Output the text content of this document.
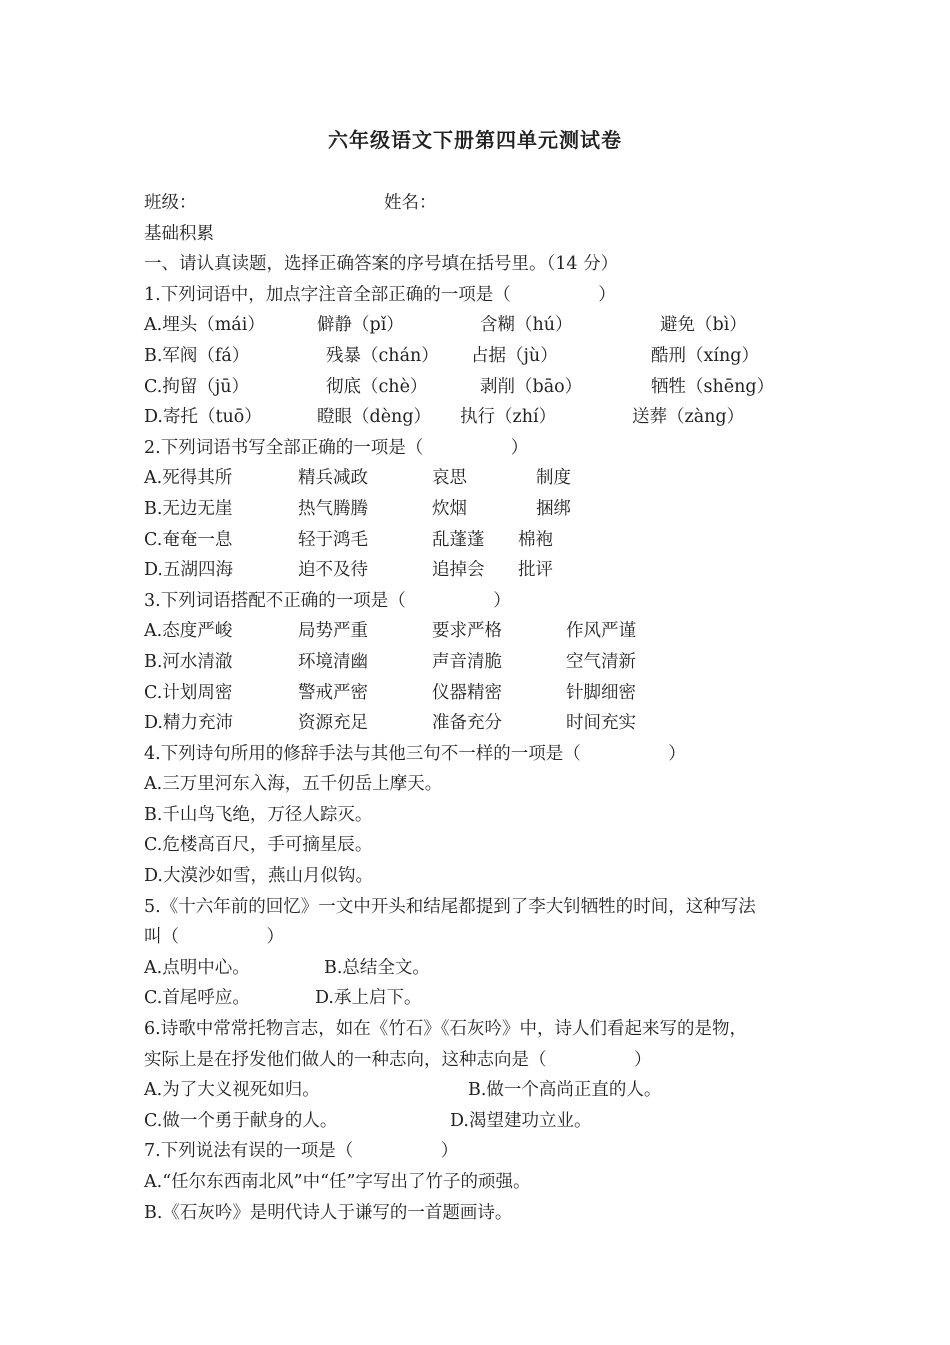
六年级语文下册第四单元测试卷
班级：	姓名：
基础积累
一、请认真读题，选择正确答案的序号填在括号里。（14 分）
1.下列词语中，加点字注音全部正确的一项是（　　　　　）
A.埋头（mái）	僻静（pǐ）	含糊（hú）	避免（bì）
B.军阀（fá）	残暴（chán） 占据（jù）	酷刑（xíng）
C.拘留（jū）	彻底（chè）	剥削（bāo）	牺牲（shēng）
D.寄托（tuō）	瞪眼（dèng） 执行（zhí）	送葬（zàng）
2.下列词语书写全部正确的一项是（　　　　　）
A.死得其所	精兵减政	哀思	制度
B.无边无崖	热气腾腾	炊烟	捆绑
C.奄奄一息	轻于鸿毛	乱蓬蓬 棉袍
D.五湖四海	迫不及待	追掉会 批评
3.下列词语搭配不正确的一项是（　　　　　）
A.态度严峻	局势严重	要求严格	作风严谨
B.河水清澈	环境清幽	声音清脆	空气清新
C.计划周密	警戒严密	仪器精密	针脚细密
D.精力充沛	资源充足	准备充分	时间充实
4.下列诗句所用的修辞手法与其他三句不一样的一项是（　　　　　）
A.三万里河东入海，五千仞岳上摩天。
B.千山鸟飞绝，万径人踪灭。
C.危楼高百尺，手可摘星辰。
D.大漠沙如雪，燕山月似钩。
5.《十六年前的回忆》一文中开头和结尾都提到了李大钊牺牲的时间，这种写法
叫（　　　　　）
A.点明中心。	B.总结全文。
C.首尾呼应。	D.承上启下。
6.诗歌中常常托物言志，如在《竹石》《石灰吟》中，诗人们看起来写的是物，
实际上是在抒发他们做人的一种志向，这种志向是（　　　　　）
A.为了大义视死如归。	B.做一个高尚正直的人。
C.做一个勇于献身的人。	D.渴望建功立业。
7.下列说法有误的一项是（　　　　　）
A.“任尔东西南北风”中“任”字写出了竹子的顽强。
B.《石灰吟》是明代诗人于谦写的一首题画诗。
